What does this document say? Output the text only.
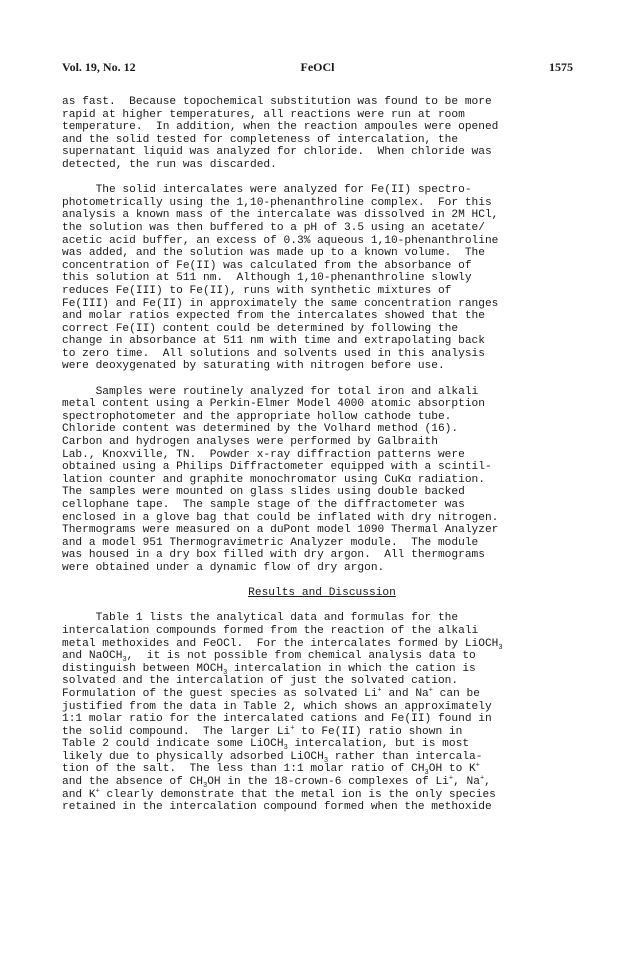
Vol. 19, No. 12	FeOCl	1575

as fast.  Because topochemical substitution was found to be more
rapid at higher temperatures, all reactions were run at room
temperature.  In addition, when the reaction ampoules were opened
and the solid tested for completeness of intercalation, the
supernatant liquid was analyzed for chloride.  When chloride was
detected, the run was discarded.

The solid intercalates were analyzed for Fe(II) spectro-
photometrically using the 1,10-phenanthroline complex.  For this
analysis a known mass of the intercalate was dissolved in 2M HCl,
the solution was then buffered to a pH of 3.5 using an acetate/
acetic acid buffer, an excess of 0.3% aqueous 1,10-phenanthroline
was added, and the solution was made up to a known volume.  The
concentration of Fe(II) was calculated from the absorbance of
this solution at 511 nm.  Although 1,10-phenanthroline slowly
reduces Fe(III) to Fe(II), runs with synthetic mixtures of
Fe(III) and Fe(II) in approximately the same concentration ranges
and molar ratios expected from the intercalates showed that the
correct Fe(II) content could be determined by following the
change in absorbance at 511 nm with time and extrapolating back
to zero time.  All solutions and solvents used in this analysis
were deoxygenated by saturating with nitrogen before use.

Samples were routinely analyzed for total iron and alkali
metal content using a Perkin-Elmer Model 4000 atomic absorption
spectrophotometer and the appropriate hollow cathode tube.
Chloride content was determined by the Volhard method (16).
Carbon and hydrogen analyses were performed by Galbraith
Lab., Knoxville, TN.  Powder x-ray diffraction patterns were
obtained using a Philips Diffractometer equipped with a scintil-
lation counter and graphite monochromator using CuKα radiation.
The samples were mounted on glass slides using double backed
cellophane tape.  The sample stage of the diffractometer was
enclosed in a glove bag that could be inflated with dry nitrogen.
Thermograms were measured on a duPont model 1090 Thermal Analyzer
and a model 951 Thermogravimetric Analyzer module.  The module
was housed in a dry box filled with dry argon.  All thermograms
were obtained under a dynamic flow of dry argon.

Results and Discussion

Table 1 lists the analytical data and formulas for the
intercalation compounds formed from the reaction of the alkali
metal methoxides and FeOCl.  For the intercalates formed by LiOCH$_3$
and NaOCH$_3$,  it is not possible from chemical analysis data to
distinguish between $MOCH_3$ intercalation in which the cation is
solvated and the intercalation of just the solvated cation.
Formulation of the guest species as solvated Li+ and Na+ can be
justified from the data in Table 2, which shows an approximately
1:1 molar ratio for the intercalated cations and Fe(II) found in
the solid compound.  The larger Li+ to Fe(II) ratio shown in
Table 2 could indicate some LiOCH$_3$ intercalation, but is most
likely due to physically adsorbed LiOCH$_3$ rather than intercala-
tion of the salt.  The less than 1:1 molar ratio of $CH_3OH$ to K+
and the absence of $CH_3OH$ in the 18-crown-6 complexes of Li+, Na+,
and K+ clearly demonstrate that the metal ion is the only species
retained in the intercalation compound formed when the methoxide
